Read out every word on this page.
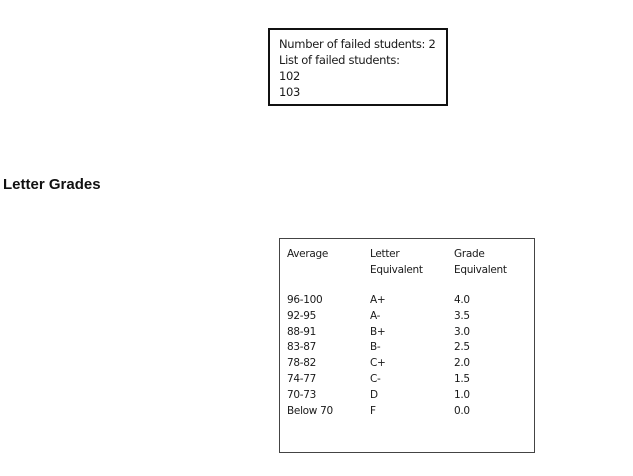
Number of failed students: 2
List of failed students:
102
103
Letter Grades
Average	Letter
Equivalent
Grade
Equivalent
96-100
92-95
88-91
83-87
78-82
74-77
70-73
Below 70
A+
A-
B+
B-
C+
C-
D
F
4.0
3.5
3.0
2.5
2.0
1.5
1.0
0.0
